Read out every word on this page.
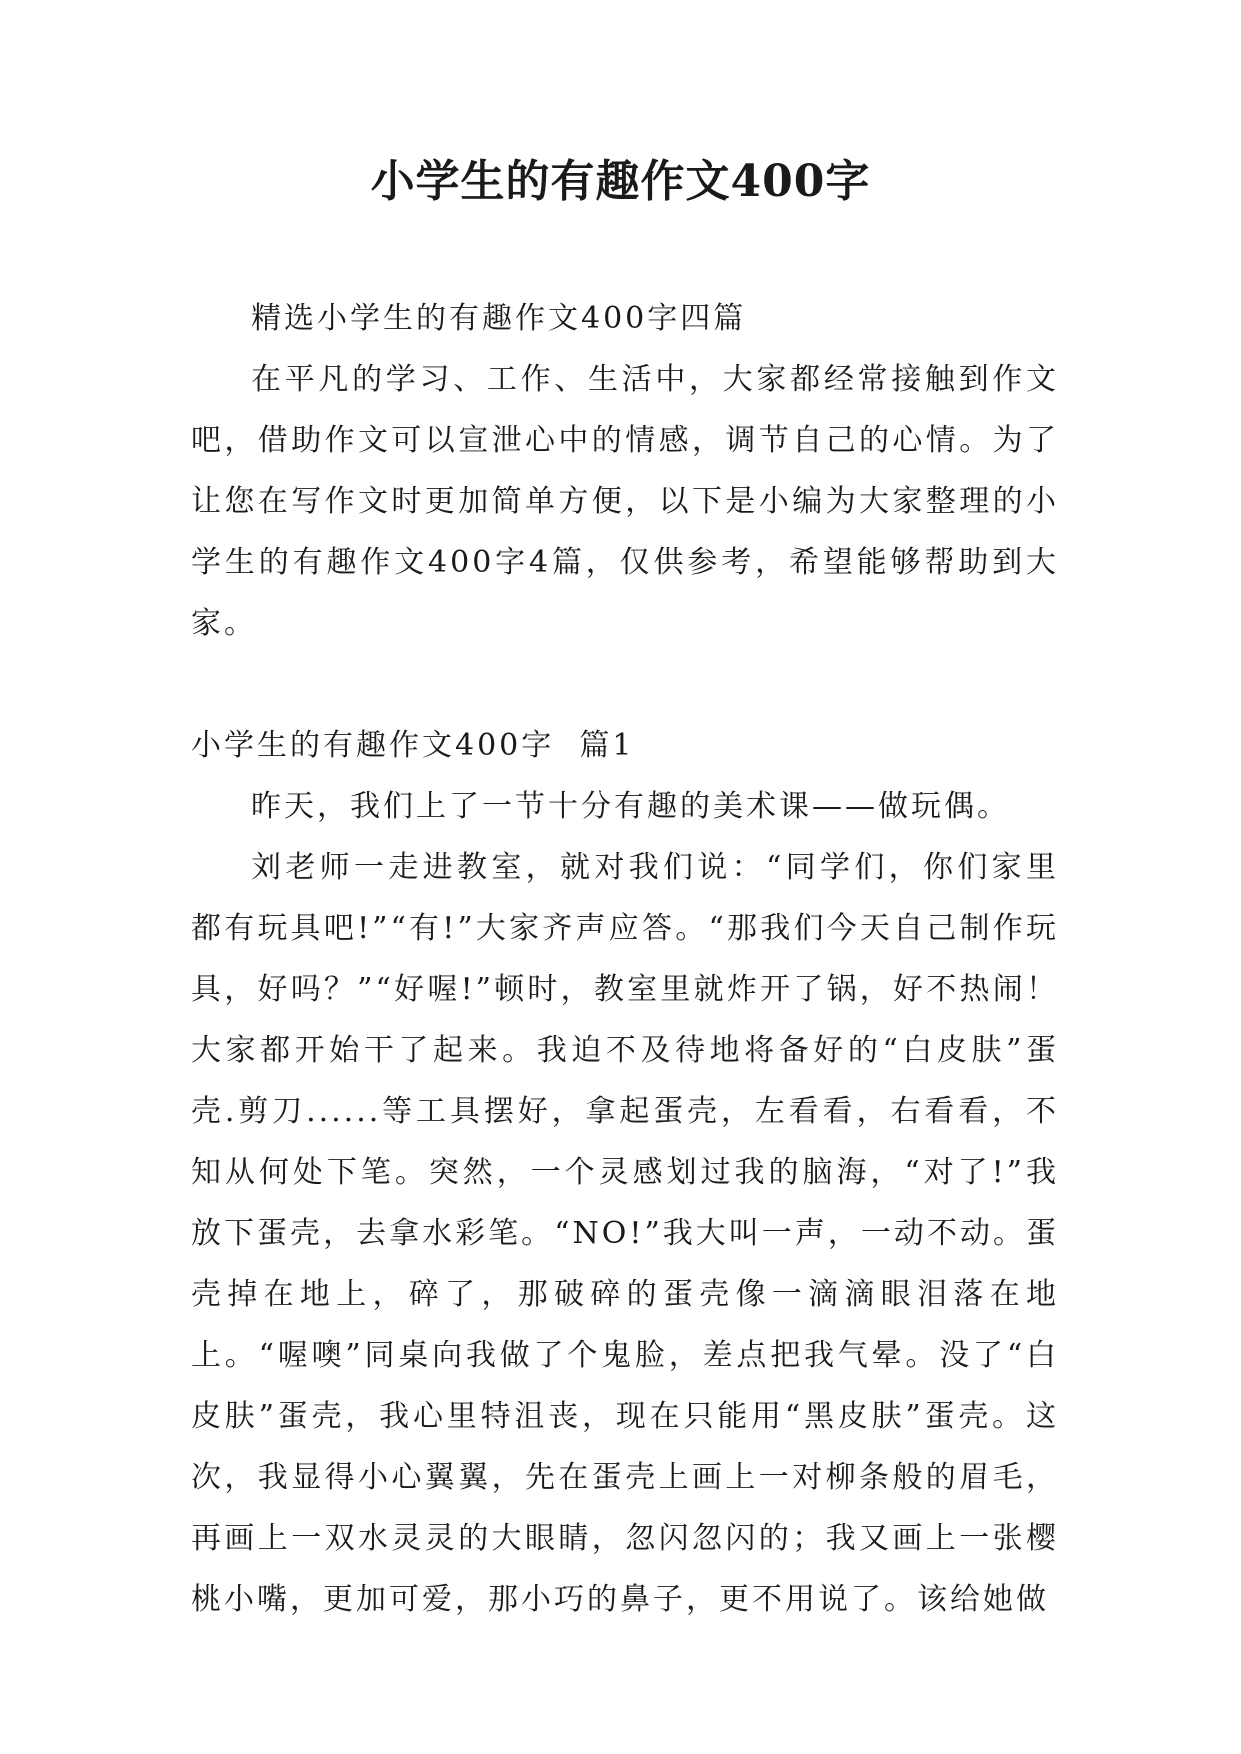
小学生的有趣作文400字

精选小学生的有趣作文400字四篇

在平凡的学习、工作、生活中，大家都经常接触到作文吧，借助作文可以宣泄心中的情感，调节自己的心情。为了让您在写作文时更加简单方便，以下是小编为大家整理的小学生的有趣作文400字4篇，仅供参考，希望能够帮助到大家。

小学生的有趣作文400字  篇1

昨天，我们上了一节十分有趣的美术课——做玩偶。

刘老师一走进教室，就对我们说：“同学们，你们家里都有玩具吧!”“有!”大家齐声应答。“那我们今天自己制作玩具，好吗？”“好喔!”顿时，教室里就炸开了锅，好不热闹！大家都开始干了起来。我迫不及待地将备好的“白皮肤”蛋壳.剪刀......等工具摆好，拿起蛋壳，左看看，右看看，不知从何处下笔。突然，一个灵感划过我的脑海，“对了!”我放下蛋壳，去拿水彩笔。“NO!”我大叫一声，一动不动。蛋壳掉在地上，碎了，那破碎的蛋壳像一滴滴眼泪落在地上。“喔噢”同桌向我做了个鬼脸，差点把我气晕。没了“白皮肤”蛋壳，我心里特沮丧，现在只能用“黑皮肤”蛋壳。这次，我显得小心翼翼，先在蛋壳上画上一对柳条般的眉毛，再画上一双水灵灵的大眼睛，忽闪忽闪的；我又画上一张樱桃小嘴，更加可爱，那小巧的鼻子，更不用说了。该给她做
